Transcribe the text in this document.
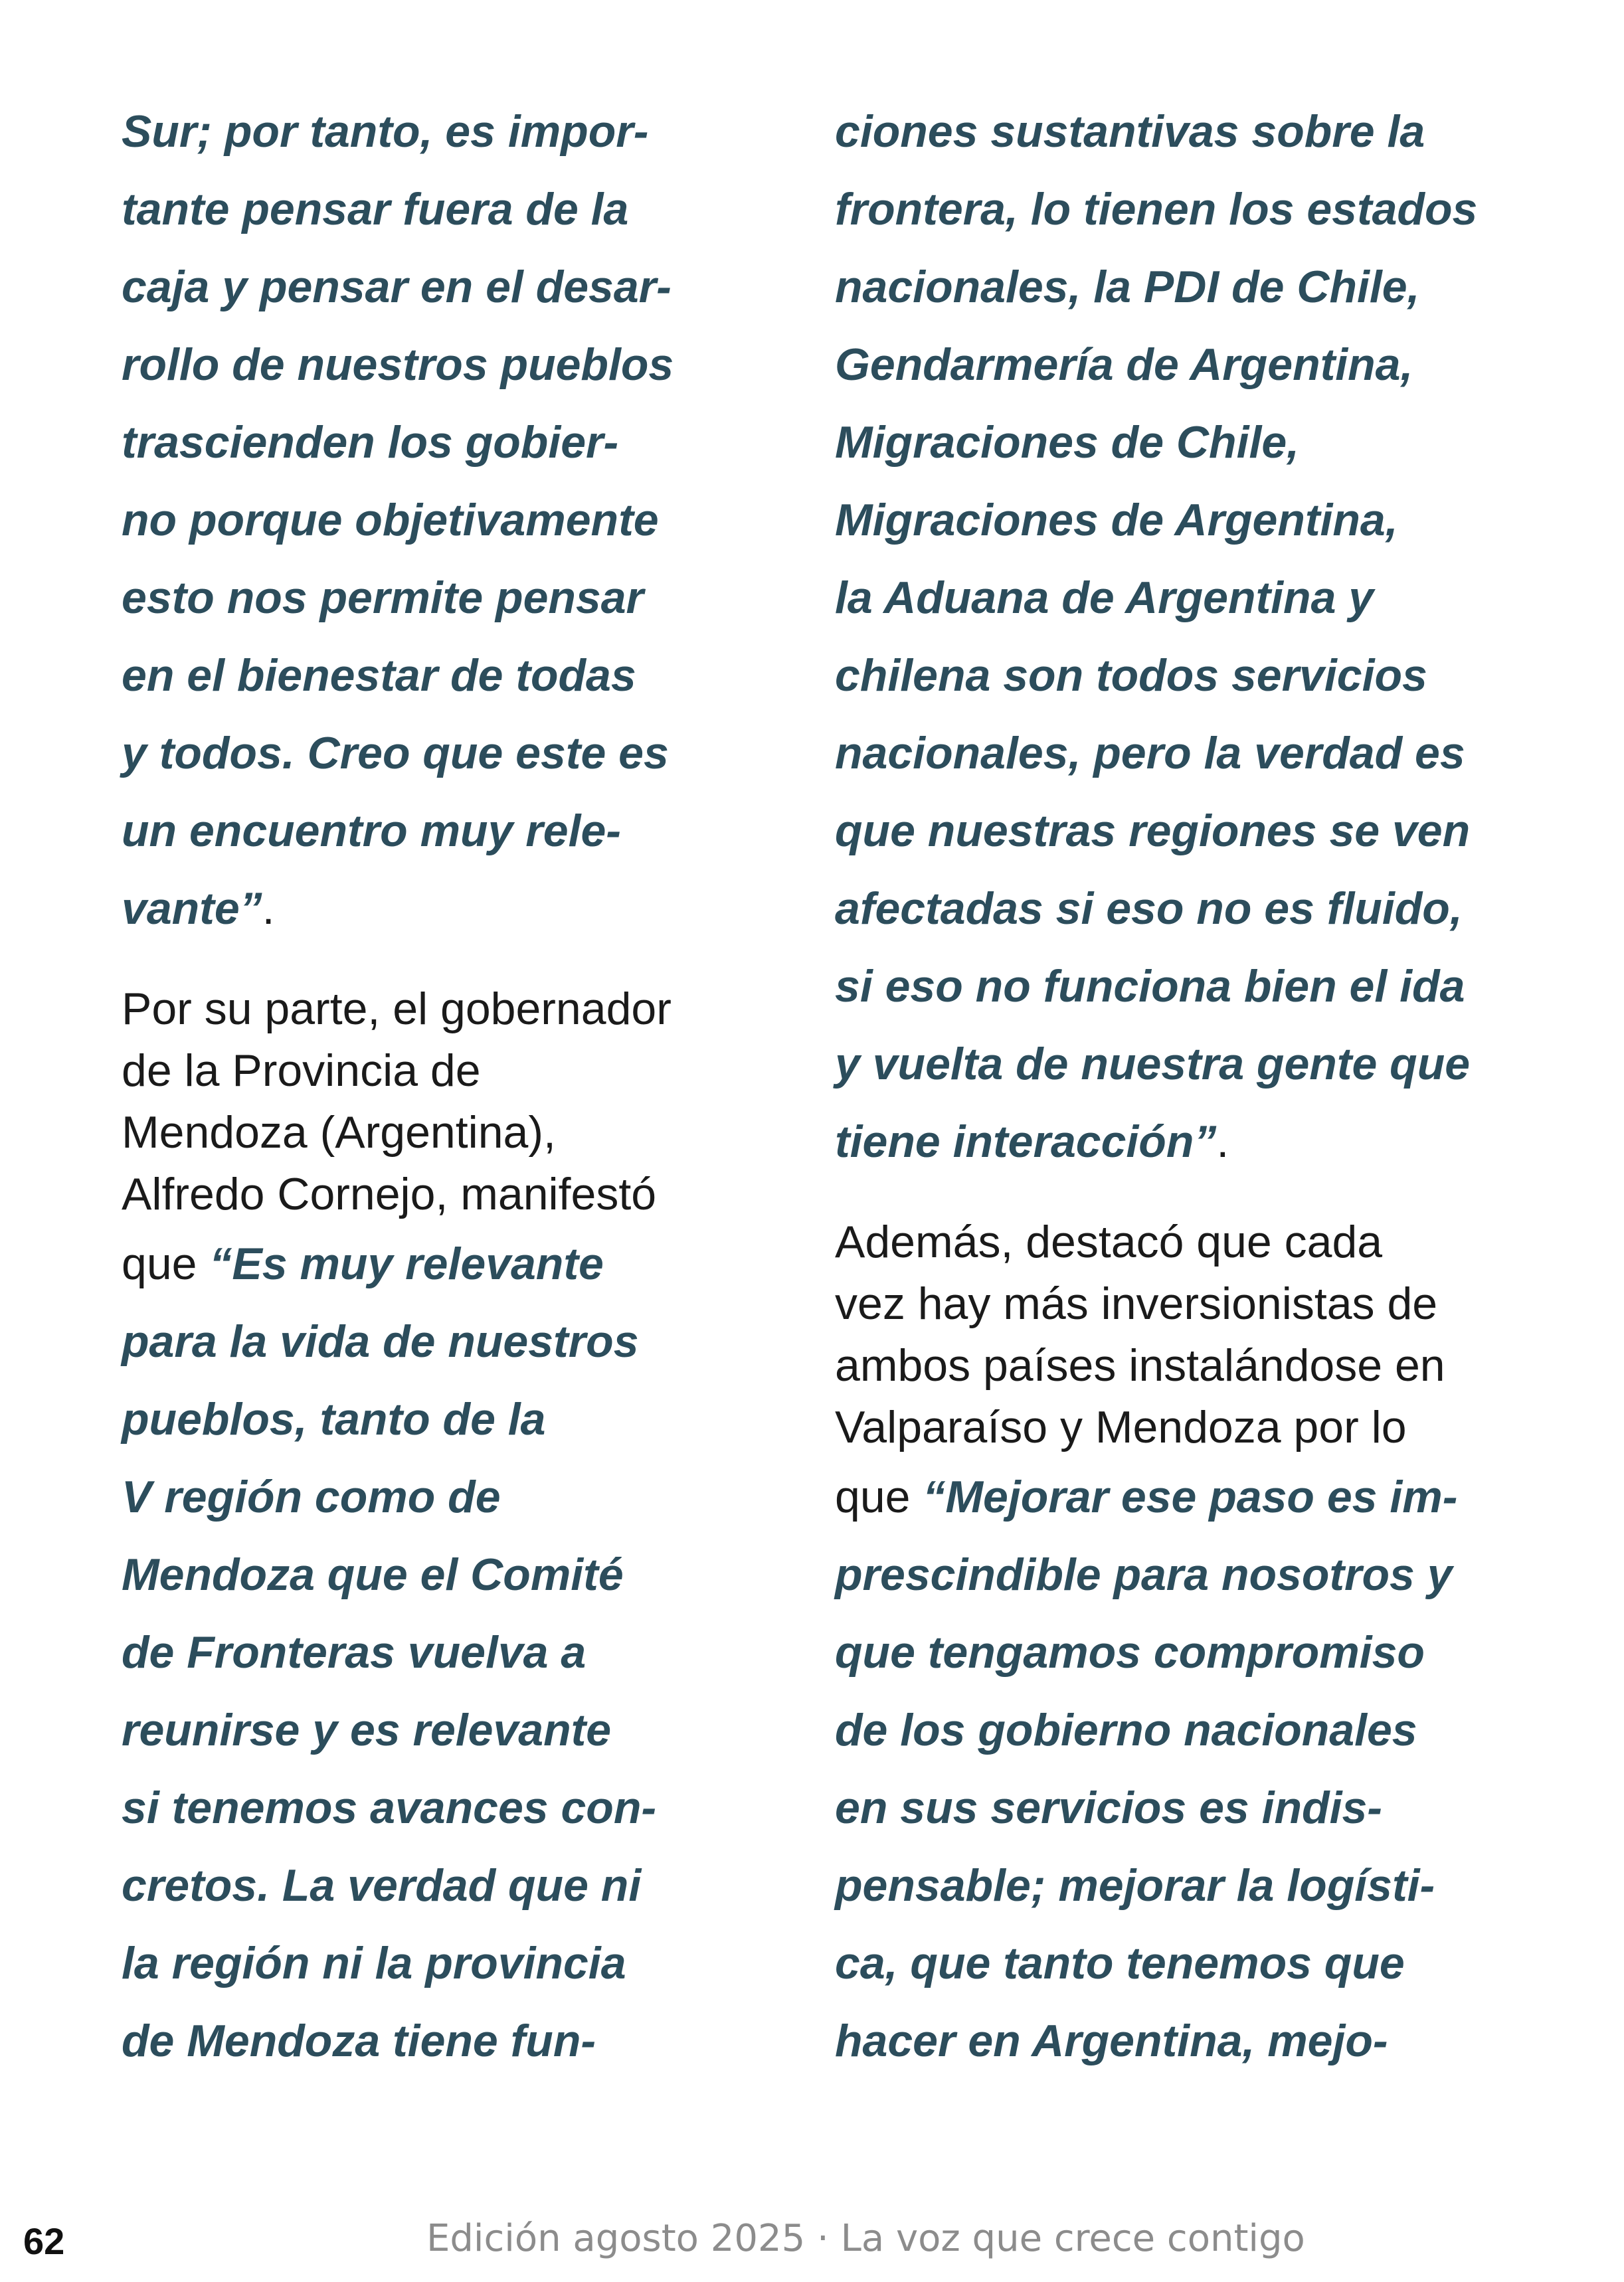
Sur; por tanto, es impor-
tante pensar fuera de la
caja y pensar en el desar-
rollo de nuestros pueblos
trascienden los gobier-
no porque objetivamente
esto nos permite pensar
en el bienestar de todas
y todos. Creo que este es
un encuentro muy rele-
vante”.
Por su parte, el gobernador
de la Provincia de
Mendoza (Argentina),
Alfredo Cornejo, manifestó
que “Es muy relevante
para la vida de nuestros
pueblos, tanto de la
V región como de
Mendoza que el Comité
de Fronteras vuelva a
reunirse y es relevante
si tenemos avances con-
cretos. La verdad que ni
la región ni la provincia
de Mendoza tiene fun-
ciones sustantivas sobre la
frontera, lo tienen los estados
nacionales, la PDI de Chile,
Gendarmería de Argentina,
Migraciones de Chile,
Migraciones de Argentina,
la Aduana de Argentina y
chilena son todos servicios
nacionales, pero la verdad es
que nuestras regiones se ven
afectadas si eso no es fluido,
si eso no funciona bien el ida
y vuelta de nuestra gente que
tiene interacción”.
Además, destacó que cada
vez hay más inversionistas de
ambos países instalándose en
Valparaíso y Mendoza por lo
que “Mejorar ese paso es im-
prescindible para nosotros y
que tengamos compromiso
de los gobierno nacionales
en sus servicios es indis-
pensable; mejorar la logísti-
ca, que tanto tenemos que
hacer en Argentina, mejo-
62	Edición agosto 2025 · La voz que crece contigo
